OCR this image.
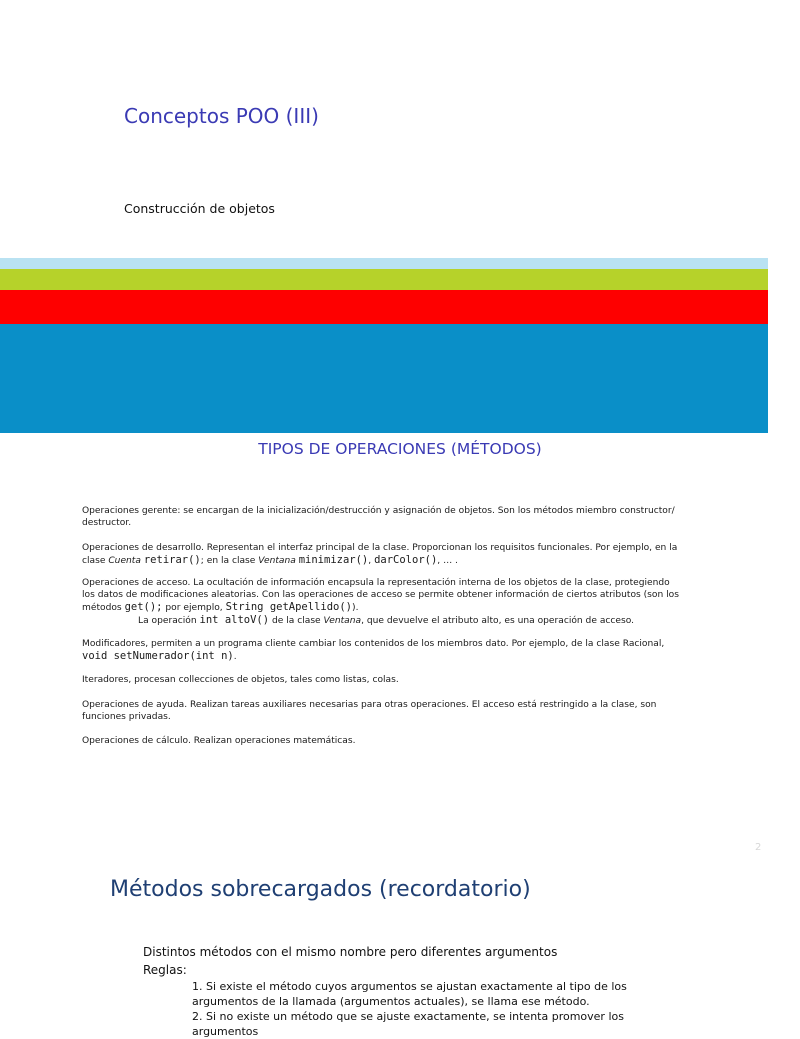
Conceptos POO (III)
Construcción de objetos
TIPOS DE OPERACIONES (MÉTODOS)
Operaciones gerente: se encargan de la inicialización/destrucción y asignación de objetos. Son los métodos miembro constructor/ destructor.
Operaciones de desarrollo. Representan el interfaz principal de la clase. Proporcionan los requisitos funcionales. Por ejemplo, en la clase Cuenta retirar(); en la clase Ventana minimizar(), darColor(), … .
Operaciones de acceso. La ocultación de información encapsula la representación interna de los objetos de la clase, protegiendo los datos de modificaciones aleatorias. Con las operaciones de acceso se permite obtener información de ciertos atributos (son los métodos get(); por ejemplo, String getApellido()).
La operación int altoV() de la clase Ventana, que devuelve el atributo alto, es una operación de acceso.
Modificadores, permiten a un programa cliente cambiar los contenidos de los miembros dato. Por ejemplo, de la clase Racional,
void setNumerador(int n).
Iteradores, procesan collecciones de objetos, tales como listas, colas.
Operaciones de ayuda. Realizan tareas auxiliares necesarias para otras operaciones. El acceso está restringido a la clase, son funciones privadas.
Operaciones de cálculo. Realizan operaciones matemáticas.
2
Métodos sobrecargados (recordatorio)
Distintos métodos con el mismo nombre pero diferentes argumentos
Reglas:
1. Si existe el método cuyos argumentos se ajustan exactamente al tipo de los argumentos de la llamada (argumentos actuales), se llama ese método.
2. Si no existe un método que se ajuste exactamente, se intenta promover los argumentos
